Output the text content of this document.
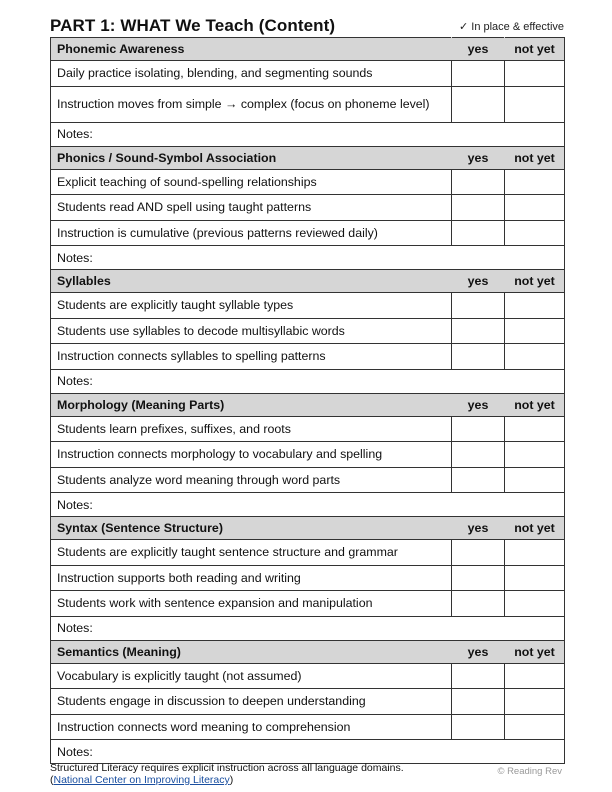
PART 1: WHAT We Teach (Content)	✓ In place & effective
Phonemic Awareness	yes	not yet
Daily practice isolating, blending, and segmenting sounds		
Instruction moves from simple → complex (focus on phoneme level)		
Notes:		
Phonics / Sound-Symbol Association	yes	not yet
Explicit teaching of sound-spelling relationships		
Students read AND spell using taught patterns		
Instruction is cumulative (previous patterns reviewed daily)		
Notes:		
Syllables	yes	not yet
Students are explicitly taught syllable types		
Students use syllables to decode multisyllabic words		
Instruction connects syllables to spelling patterns		
Notes:		
Morphology (Meaning Parts)	yes	not yet
Students learn prefixes, suffixes, and roots		
Instruction connects morphology to vocabulary and spelling		
Students analyze word meaning through word parts		
Notes:		
Syntax (Sentence Structure)	yes	not yet
Students are explicitly taught sentence structure and grammar		
Instruction supports both reading and writing		
Students work with sentence expansion and manipulation		
Notes:		
Semantics (Meaning)	yes	not yet
Vocabulary is explicitly taught (not assumed)		
Students engage in discussion to deepen understanding		
Instruction connects word meaning to comprehension		
Notes:		
Structured Literacy requires explicit instruction across all language domains.
(National Center on Improving Literacy)
© Reading Rev
